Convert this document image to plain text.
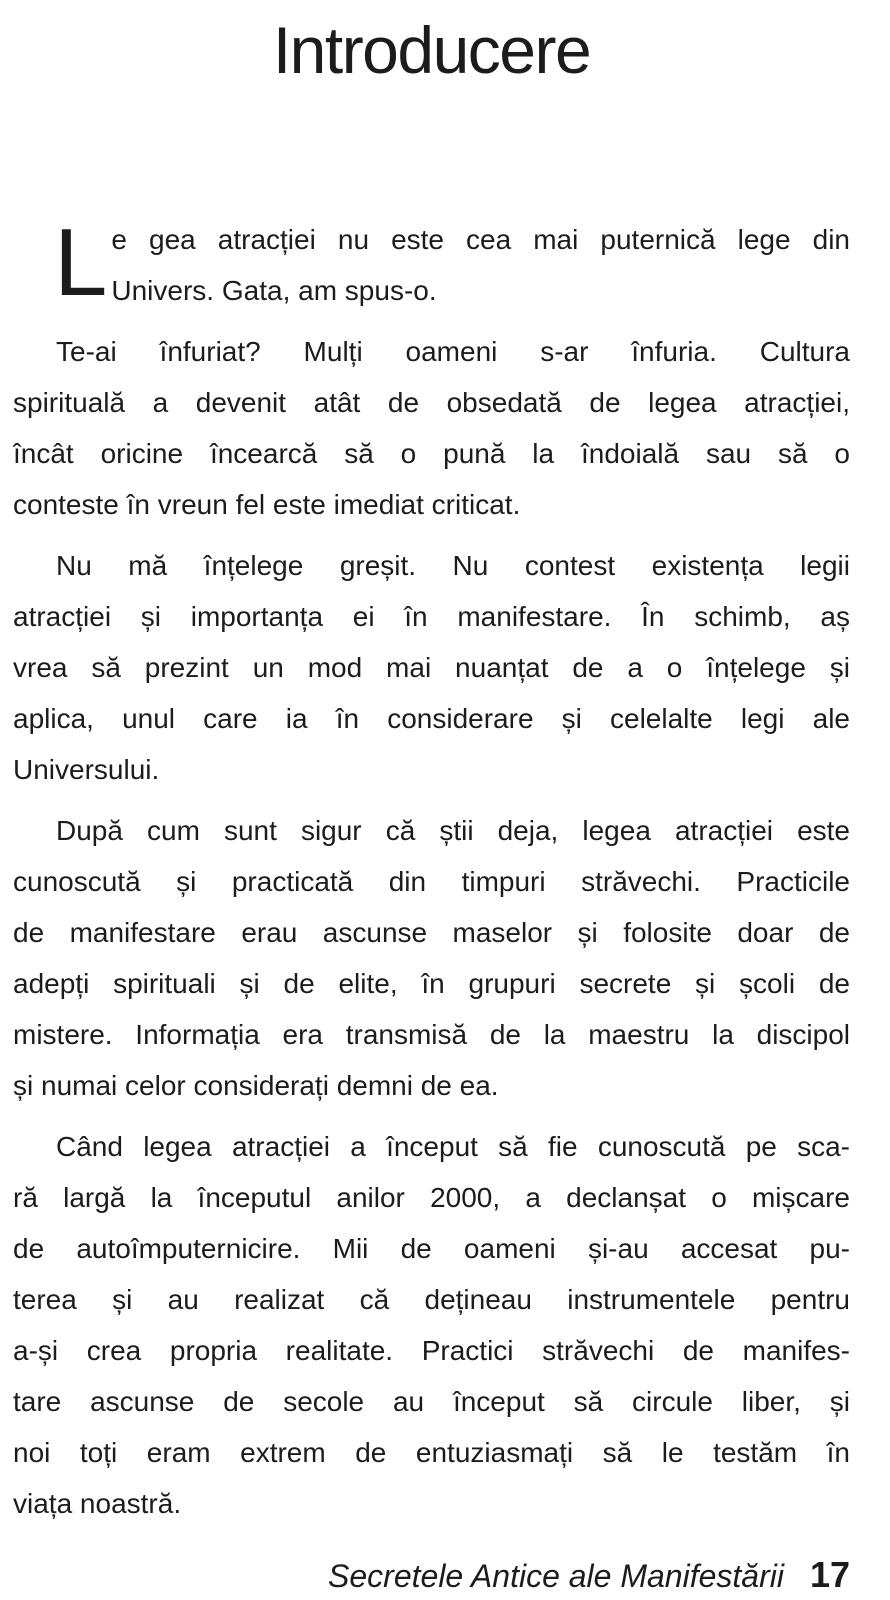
Introducere
L e gea atracției nu este cea mai puternică lege din
Univers. Gata, am spus-o.
Te-ai înfuriat? Mulți oameni s-ar înfuria. Cultura
spirituală a devenit atât de obsedată de legea atracției,
încât oricine încearcă să o pună la îndoială sau să o
conteste în vreun fel este imediat criticat.
Nu mă înțelege greșit. Nu contest existența legii
atracției și importanța ei în manifestare. În schimb, aș
vrea să prezint un mod mai nuanțat de a o înțelege și
aplica, unul care ia în considerare și celelalte legi ale
Universului.
După cum sunt sigur că știi deja, legea atracției este
cunoscută și practicată din timpuri străvechi. Practicile
de manifestare erau ascunse maselor și folosite doar de
adepți spirituali și de elite, în grupuri secrete și școli de
mistere. Informația era transmisă de la maestru la discipol
și numai celor considerați demni de ea.
Când legea atracției a început să fie cunoscută pe sca-
ră largă la începutul anilor 2000, a declanșat o mișcare
de autoîmputernicire. Mii de oameni și-au accesat pu-
terea și au realizat că dețineau instrumentele pentru
a-și crea propria realitate. Practici străvechi de manifes-
tare ascunse de secole au început să circule liber, și
noi toți eram extrem de entuziasmați să le testăm în
viața noastră.
Secretele Antice ale Manifestării 17
